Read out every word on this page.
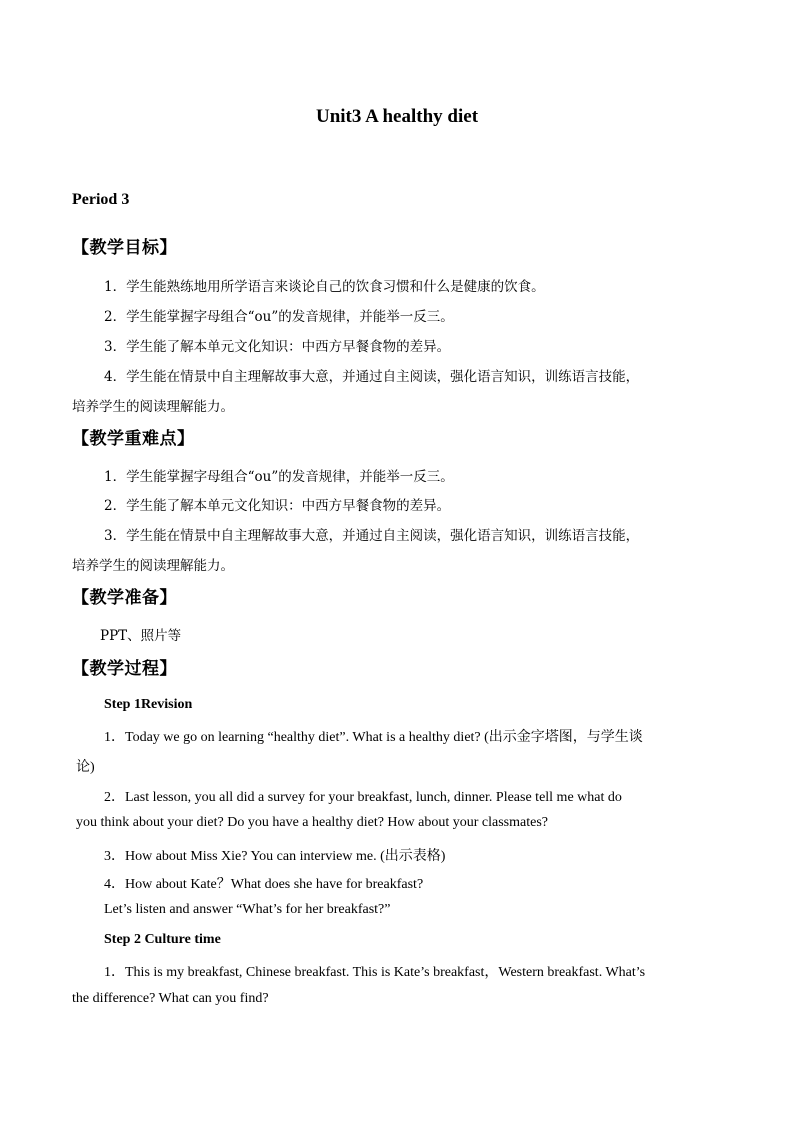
Unit3 A healthy diet
Period 3
【教学目标】
1．学生能熟练地用所学语言来谈论自己的饮食习惯和什么是健康的饮食。
2．学生能掌握字母组合“ou”的发音规律，并能举一反三。
3．学生能了解本单元文化知识：中西方早餐食物的差异。
4．学生能在情景中自主理解故事大意，并通过自主阅读，强化语言知识，训练语言技能，
培养学生的阅读理解能力。
【教学重难点】
1．学生能掌握字母组合“ou”的发音规律，并能举一反三。
2．学生能了解本单元文化知识：中西方早餐食物的差异。
3．学生能在情景中自主理解故事大意，并通过自主阅读，强化语言知识，训练语言技能，
培养学生的阅读理解能力。
【教学准备】
PPT、照片等
【教学过程】
Step 1Revision
1．Today we go on learning “healthy diet”. What is a healthy diet? (出示金字塔图，与学生谈
论)
2．Last lesson, you all did a survey for your breakfast, lunch, dinner. Please tell me what do
you think about your diet? Do you have a healthy diet? How about your classmates?
3．How about Miss Xie? You can interview me. (出示表格)
4．How about Kate？What does she have for breakfast?
Let’s listen and answer “What’s for her breakfast?”
Step 2 Culture time
1．This is my breakfast, Chinese breakfast. This is Kate’s breakfast，Western breakfast. What’s
the difference? What can you find?
